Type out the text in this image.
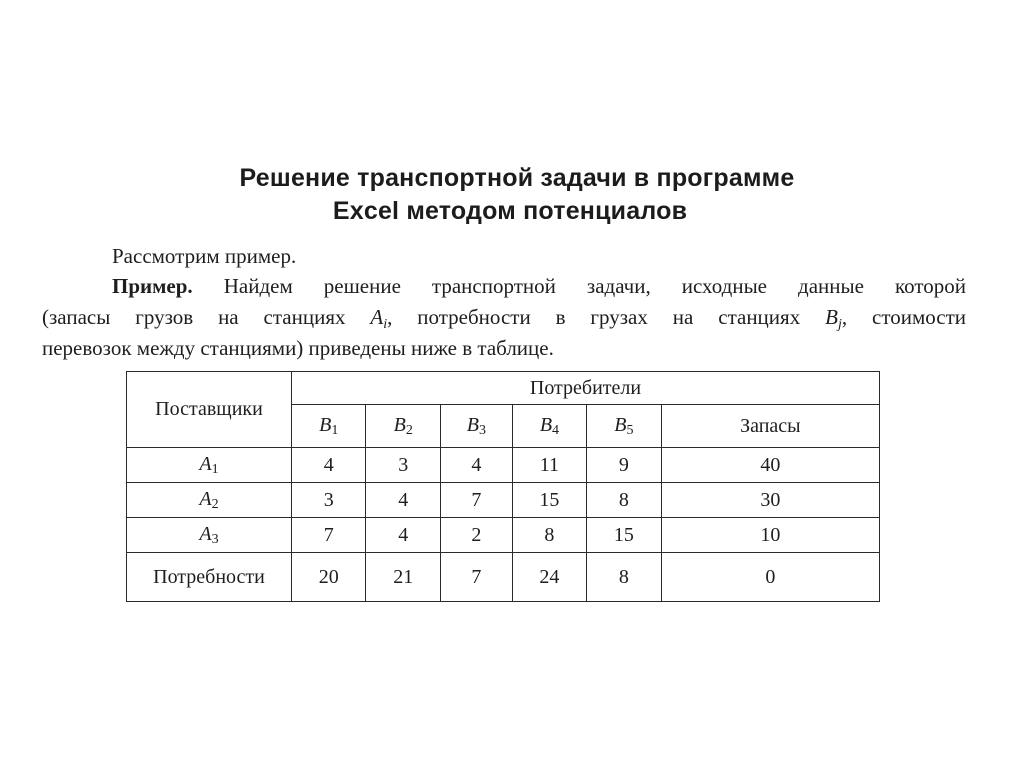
Решение транспортной задачи в программе
Excel методом потенциалов
Рассмотрим пример.
Пример. Найдем решение транспортной задачи, исходные данные которой
(запасы грузов на станциях $A_i$, потребности в грузах на станциях $B_j$, стоимости
перевозок между станциями) приведены ниже в таблице.
Поставщики	Потребители					
	B1	B2	B3	B4	B5	Запасы
A1	4	3	4	11	9	40
A2	3	4	7	15	8	30
A3	7	4	2	8	15	10
Потребности	20	21	7	24	8	0
